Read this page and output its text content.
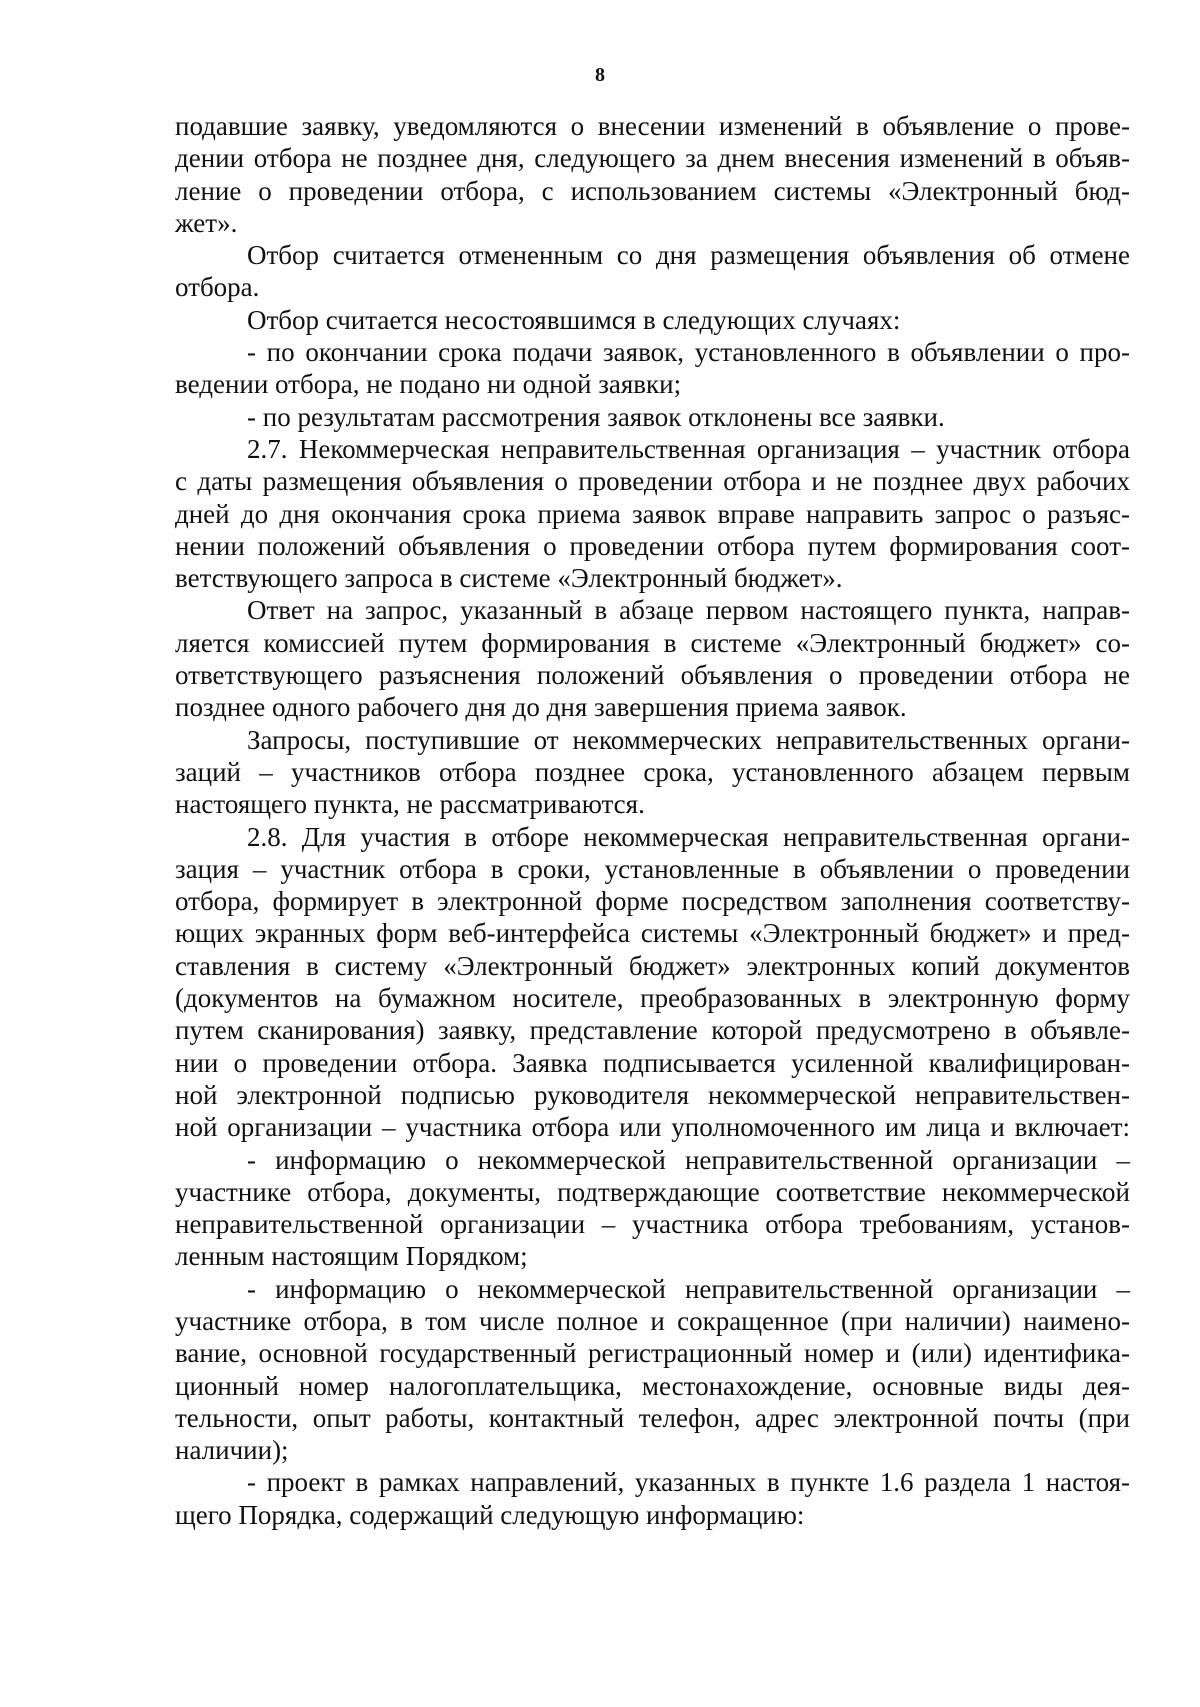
8
подавшие заявку, уведомляются о внесении изменений в объявление о прове-
дении отбора не позднее дня, следующего за днем внесения изменений в объяв-
ление о проведении отбора, с использованием системы «Электронный бюд-
жет».
Отбор считается отмененным со дня размещения объявления об отмене
отбора.
Отбор считается несостоявшимся в следующих случаях:
- по окончании срока подачи заявок, установленного в объявлении о про-
ведении отбора, не подано ни одной заявки;
- по результатам рассмотрения заявок отклонены все заявки.
2.7. Некоммерческая неправительственная организация – участник отбора
с даты размещения объявления о проведении отбора и не позднее двух рабочих
дней до дня окончания срока приема заявок вправе направить запрос о разъяс-
нении положений объявления о проведении отбора путем формирования соот-
ветствующего запроса в системе «Электронный бюджет».
Ответ на запрос, указанный в абзаце первом настоящего пункта, направ-
ляется комиссией путем формирования в системе «Электронный бюджет» со-
ответствующего разъяснения положений объявления о проведении отбора не
позднее одного рабочего дня до дня завершения приема заявок.
Запросы, поступившие от некоммерческих неправительственных органи-
заций – участников отбора позднее срока, установленного абзацем первым
настоящего пункта, не рассматриваются.
2.8. Для участия в отборе некоммерческая неправительственная органи-
зация – участник отбора в сроки, установленные в объявлении о проведении
отбора, формирует в электронной форме посредством заполнения соответству-
ющих экранных форм веб-интерфейса системы «Электронный бюджет» и пред-
ставления в систему «Электронный бюджет» электронных копий документов
(документов на бумажном носителе, преобразованных в электронную форму
путем сканирования) заявку, представление которой предусмотрено в объявле-
нии о проведении отбора. Заявка подписывается усиленной квалифицирован-
ной электронной подписью руководителя некоммерческой неправительствен-
ной организации – участника отбора или уполномоченного им лица и включает:
- информацию о некоммерческой неправительственной организации –
участнике отбора, документы, подтверждающие соответствие некоммерческой
неправительственной организации – участника отбора требованиям, установ-
ленным настоящим Порядком;
- информацию о некоммерческой неправительственной организации –
участнике отбора, в том числе полное и сокращенное (при наличии) наимено-
вание, основной государственный регистрационный номер и (или) идентифика-
ционный номер налогоплательщика, местонахождение, основные виды дея-
тельности, опыт работы, контактный телефон, адрес электронной почты (при
наличии);
- проект в рамках направлений, указанных в пункте 1.6 раздела 1 настоя-
щего Порядка, содержащий следующую информацию:
